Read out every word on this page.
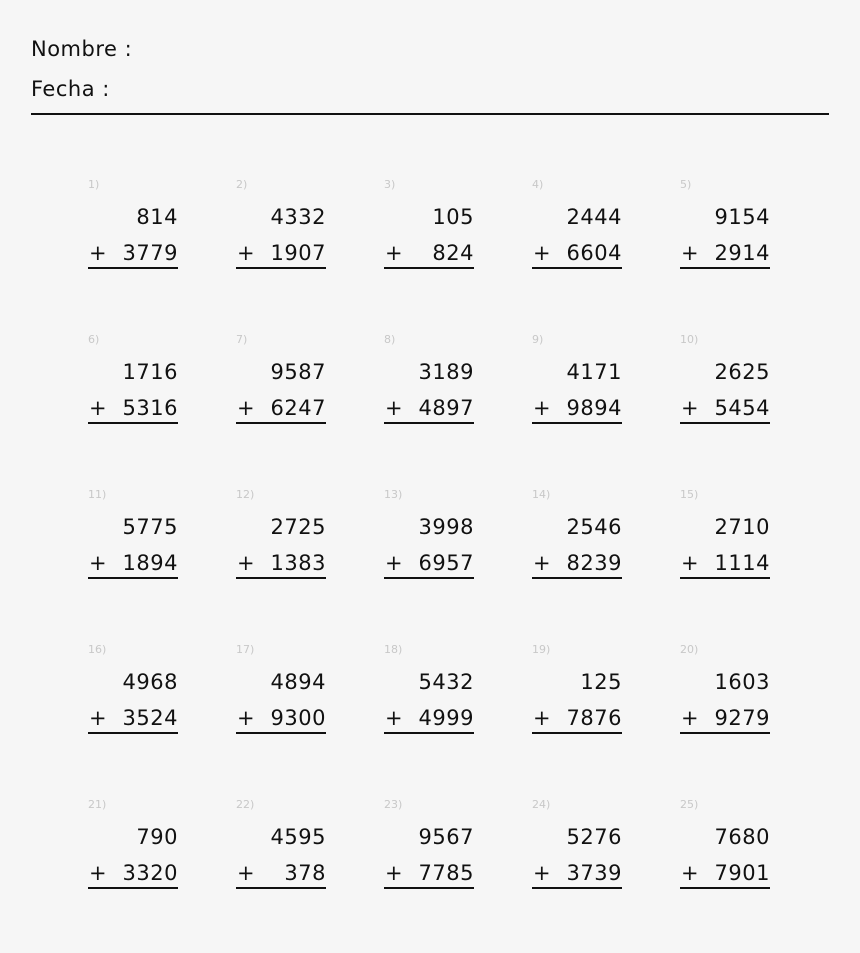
Nombre :
Fecha :
1)
814
+ 3779
2)
4332
+ 1907
3)
105
+ 824
4)
2444
+ 6604
5)
9154
+ 2914
6)
1716
+ 5316
7)
9587
+ 6247
8)
3189
+ 4897
9)
4171
+ 9894
10)
2625
+ 5454
11)
5775
+ 1894
12)
2725
+ 1383
13)
3998
+ 6957
14)
2546
+ 8239
15)
2710
+ 1114
16)
4968
+ 3524
17)
4894
+ 9300
18)
5432
+ 4999
19)
125
+ 7876
20)
1603
+ 9279
21)
790
+ 3320
22)
4595
+ 378
23)
9567
+ 7785
24)
5276
+ 3739
25)
7680
+ 7901
